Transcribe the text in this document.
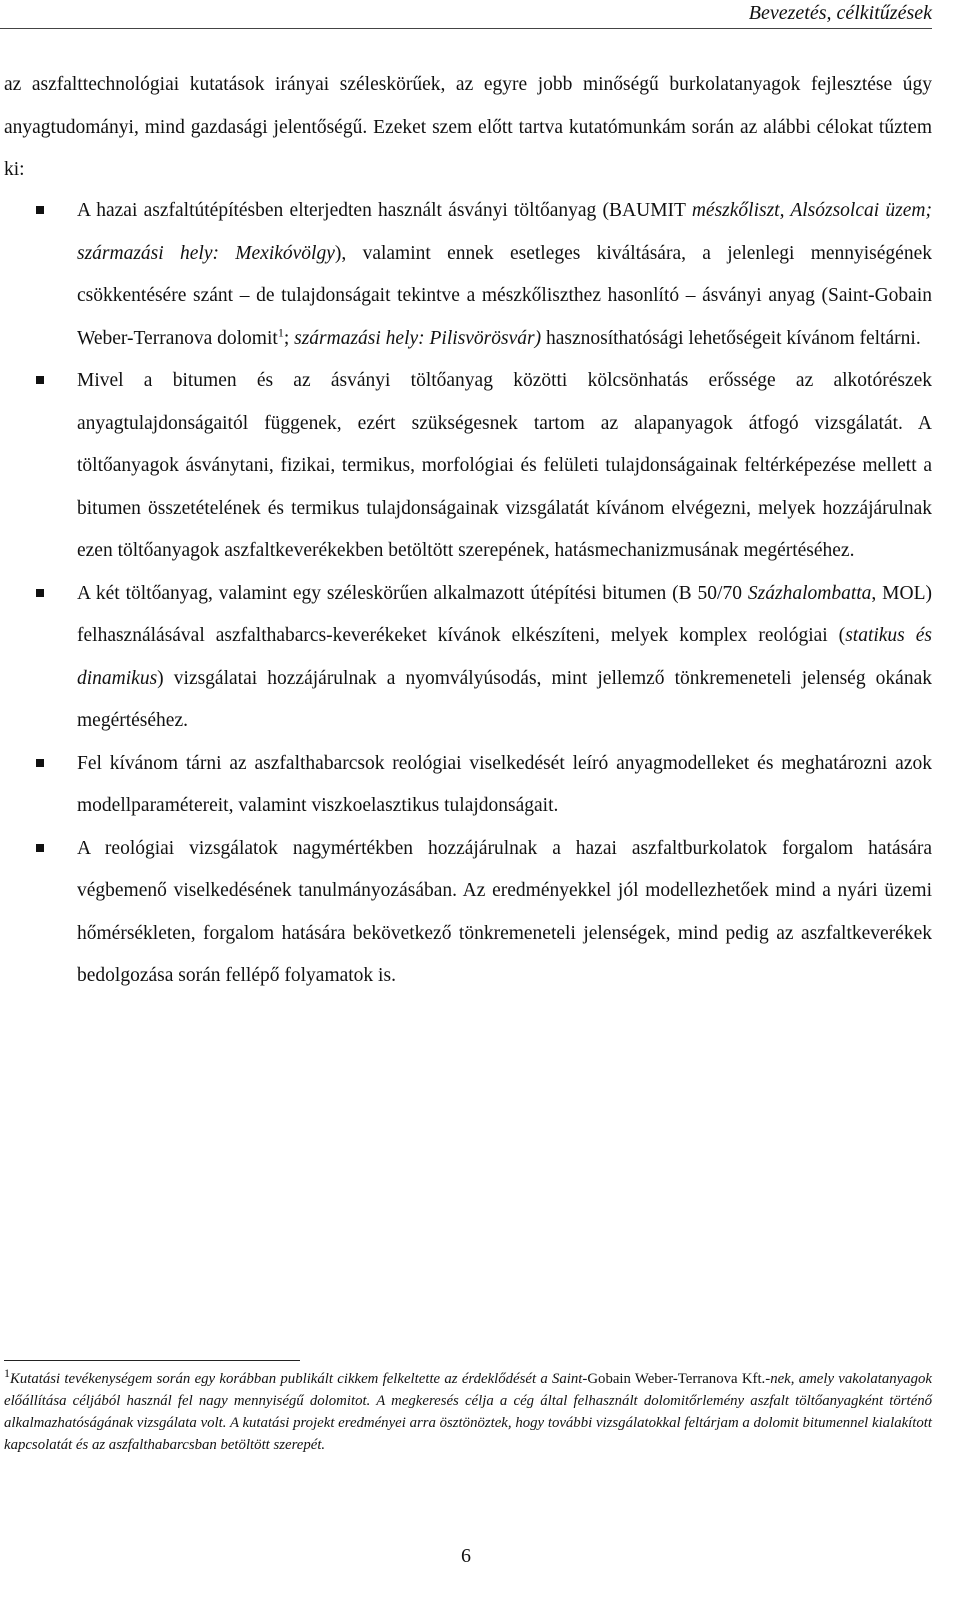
Bevezetés, célkitűzések

az aszfalttechnológiai kutatások irányai széleskörűek, az egyre jobb minőségű burkolatanyagok fejlesztése úgy anyagtudományi, mind gazdasági jelentőségű. Ezeket szem előtt tartva kutatómunkám során az alábbi célokat tűztem ki:

A hazai aszfaltútépítésben elterjedten használt ásványi töltőanyag (BAUMIT mészkőliszt, Alsózsolcai üzem; származási hely: Mexikóvölgy), valamint ennek esetleges kiváltására, a jelenlegi mennyiségének csökkentésére szánt – de tulajdonságait tekintve a mészkőliszthez hasonlító – ásványi anyag (Saint-Gobain Weber-Terranova dolomit$^1$; származási hely: Pilisvörösvár) hasznosíthatósági lehetőségeit kívánom feltárni.
Mivel a bitumen és az ásványi töltőanyag közötti kölcsönhatás erőssége az alkotórészek anyagtulajdonságaitól függenek, ezért szükségesnek tartom az alapanyagok átfogó vizsgálatát. A töltőanyagok ásványtani, fizikai, termikus, morfológiai és felületi tulajdonságainak feltérképezése mellett a bitumen összetételének és termikus tulajdonságainak vizsgálatát kívánom elvégezni, melyek hozzájárulnak ezen töltőanyagok aszfaltkeverékekben betöltött szerepének, hatásmechanizmusának megértéséhez.
A két töltőanyag, valamint egy széleskörűen alkalmazott útépítési bitumen (B 50/70 Százhalombatta, MOL) felhasználásával aszfalthabarcs-keverékeket kívánok elkészíteni, melyek komplex reológiai (statikus és dinamikus) vizsgálatai hozzájárulnak a nyomvályúsodás, mint jellemző tönkremeneteli jelenség okának megértéséhez.
Fel kívánom tárni az aszfalthabarcsok reológiai viselkedését leíró anyagmodelleket és meghatározni azok modellparamétereit, valamint viszkoelasztikus tulajdonságait.
A reológiai vizsgálatok nagymértékben hozzájárulnak a hazai aszfaltburkolatok forgalom hatására végbemenő viselkedésének tanulmányozásában. Az eredményekkel jól modellezhetőek mind a nyári üzemi hőmérsékleten, forgalom hatására bekövetkező tönkremeneteli jelenségek, mind pedig az aszfaltkeverékek bedolgozása során fellépő folyamatok is.

$^1$Kutatási tevékenységem során egy korábban publikált cikkem felkeltette az érdeklődését a Saint-Gobain Weber-Terranova Kft.-nek, amely vakolatanyagok előállítása céljából használ fel nagy mennyiségű dolomitot. A megkeresés célja a cég által felhasznált dolomitőrlemény aszfalt töltőanyagként történő alkalmazhatóságának vizsgálata volt. A kutatási projekt eredményei arra ösztönöztek, hogy további vizsgálatokkal feltárjam a dolomit bitumennel kialakított kapcsolatát és az aszfalthabarcsban betöltött szerepét.

6
